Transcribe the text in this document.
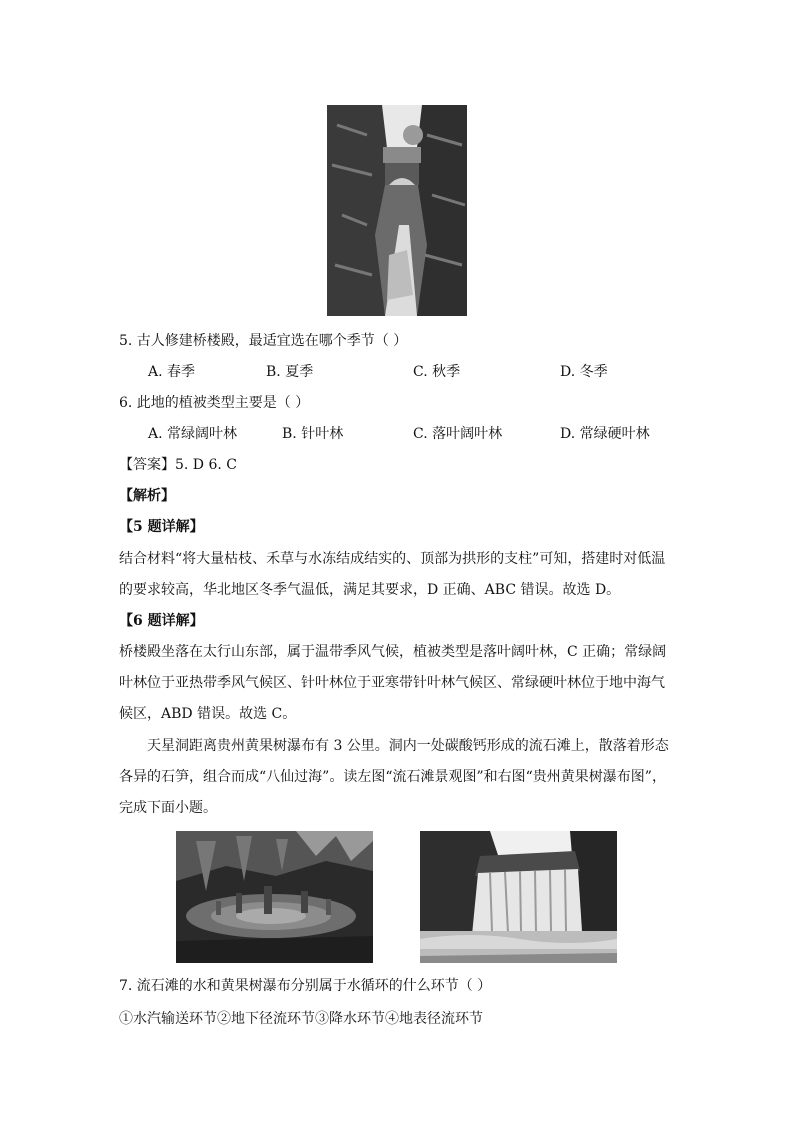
5. 古人修建桥楼殿，最适宜选在哪个季节（ ）
A. 春季	B. 夏季	C. 秋季	D. 冬季
6. 此地的植被类型主要是（ ）
A. 常绿阔叶林	B. 针叶林	C. 落叶阔叶林	D. 常绿硬叶林
【答案】5. D 6. C
【解析】
【5 题详解】
结合材料“将大量枯枝、禾草与水冻结成结实的、顶部为拱形的支柱”可知，搭建时对低温
的要求较高，华北地区冬季气温低，满足其要求，D 正确、ABC 错误。故选 D。
【6 题详解】
桥楼殿坐落在太行山东部，属于温带季风气候，植被类型是落叶阔叶林，C 正确；常绿阔
叶林位于亚热带季风气候区、针叶林位于亚寒带针叶林气候区、常绿硬叶林位于地中海气
候区，ABD 错误。故选 C。
天星洞距离贵州黄果树瀑布有 3 公里。洞内一处碳酸钙形成的流石滩上，散落着形态
各异的石笋，组合而成“八仙过海”。读左图“流石滩景观图”和右图“贵州黄果树瀑布图”，
完成下面小题。
7. 流石滩的水和黄果树瀑布分别属于水循环的什么环节（ ）
①水汽输送环节②地下径流环节③降水环节④地表径流环节
